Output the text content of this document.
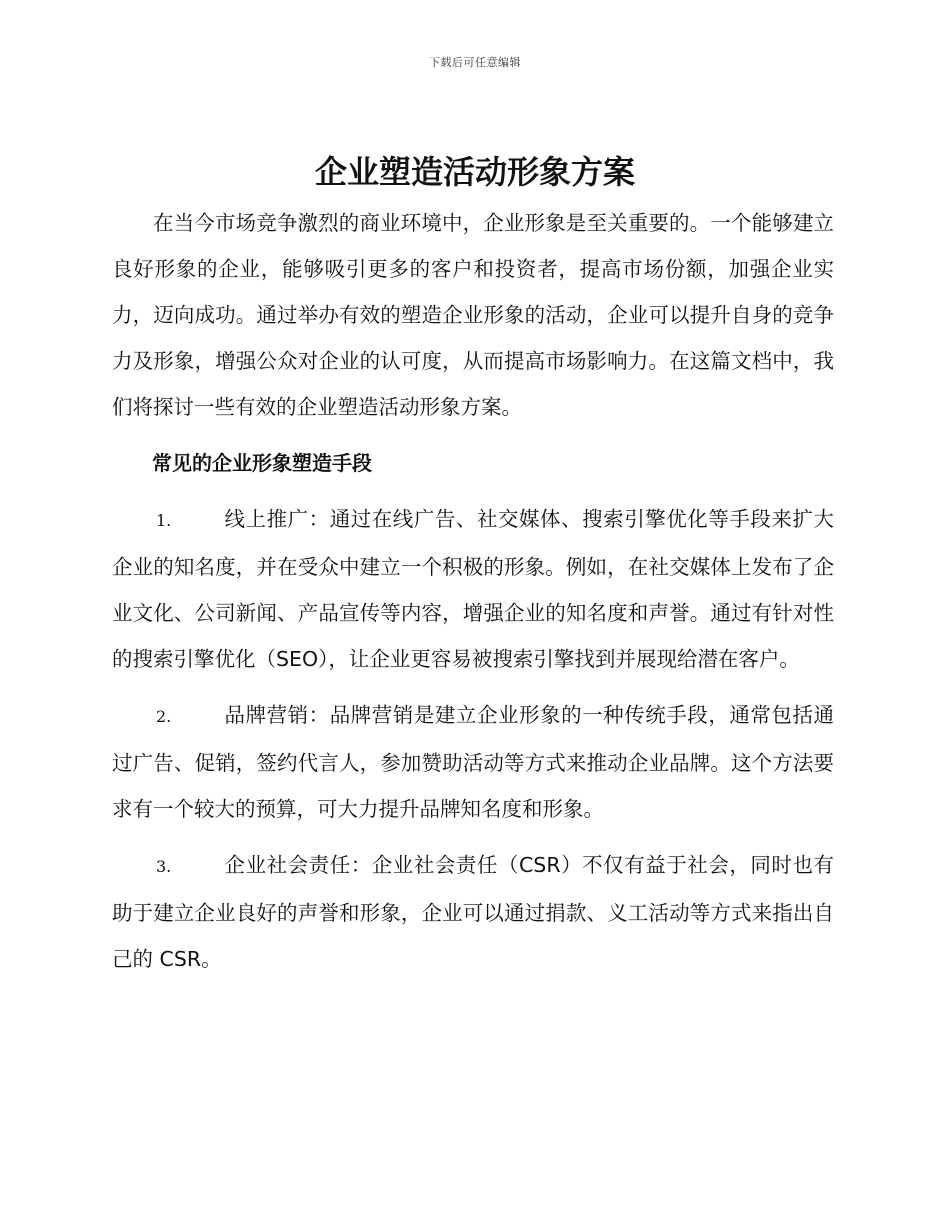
下载后可任意编辑
企业塑造活动形象方案

在当今市场竞争激烈的商业环境中，企业形象是至关重要的。一个能够建立良好形象的企业，能够吸引更多的客户和投资者，提高市场份额，加强企业实力，迈向成功。通过举办有效的塑造企业形象的活动，企业可以提升自身的竞争力及形象，增强公众对企业的认可度，从而提高市场影响力。在这篇文档中，我们将探讨一些有效的企业塑造活动形象方案。

常见的企业形象塑造手段

1.	线上推广：通过在线广告、社交媒体、搜索引擎优化等手段来扩大企业的知名度，并在受众中建立一个积极的形象。例如，在社交媒体上发布了企业文化、公司新闻、产品宣传等内容，增强企业的知名度和声誉。通过有针对性的搜索引擎优化（SEO），让企业更容易被搜索引擎找到并展现给潜在客户。

2.	品牌营销：品牌营销是建立企业形象的一种传统手段，通常包括通过广告、促销，签约代言人，参加赞助活动等方式来推动企业品牌。这个方法要求有一个较大的预算，可大力提升品牌知名度和形象。

3.	企业社会责任：企业社会责任（CSR）不仅有益于社会，同时也有助于建立企业良好的声誉和形象，企业可以通过捐款、义工活动等方式来指出自己的 CSR。
